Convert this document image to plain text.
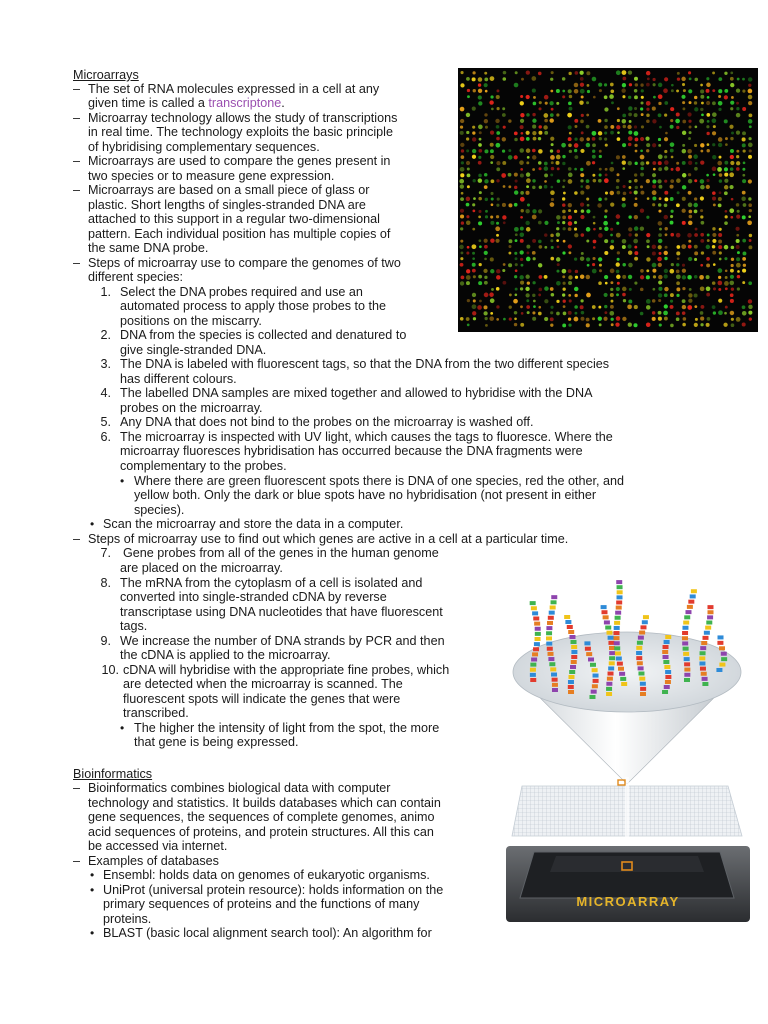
Microarrays
– The set of RNA molecules expressed in a cell at any
given time is called a transcriptone.
– Microarray technology allows the study of transcriptions
in real time. The technology exploits the basic principle
of hybridising complementary sequences.
– Microarrays are used to compare the genes present in
two species or to measure gene expression.
– Microarrays are based on a small piece of glass or
plastic. Short lengths of singles-stranded DNA are
attached to this support in a regular two-dimensional
pattern. Each individual position has multiple copies of
the same DNA probe.
– Steps of microarray use to compare the genomes of two
different species:
1. Select the DNA probes required and use an
automated process to apply those probes to the
positions on the miscarry.
2. DNA from the species is collected and denatured to
give single-stranded DNA.
3. The DNA is labeled with fluorescent tags, so that the DNA from the two different species
has different colours.
4. The labelled DNA samples are mixed together and allowed to hybridise with the DNA
probes on the microarray.
5. Any DNA that does not bind to the probes on the microarray is washed off.
6. The microarray is inspected with UV light, which causes the tags to fluoresce. Where the
microarray fluoresces hybridisation has occurred because the DNA fragments were
complementary to the probes.
• Where there are green fluorescent spots there is DNA of one species, red the other, and
yellow both. Only the dark or blue spots have no hybridisation (not present in either
species).
• Scan the microarray and store the data in a computer.
– Steps of microarray use to find out which genes are active in a cell at a particular time.
7. Gene probes from all of the genes in the human genome
are placed on the microarray.
8. The mRNA from the cytoplasm of a cell is isolated and
converted into single-stranded cDNA by reverse
transcriptase using DNA nucleotides that have fluorescent
tags.
9. We increase the number of DNA strands by PCR and then
the cDNA is applied to the microarray.
10. cDNA will hybridise with the appropriate fine probes, which
are detected when the microarray is scanned. The
fluorescent spots will indicate the genes that were
transcribed.
• The higher the intensity of light from the spot, the more
that gene is being expressed.
Bioinformatics
– Bioinformatics combines biological data with computer
technology and statistics. It builds databases which can contain
gene sequences, the sequences of complete genomes, animo
acid sequences of proteins, and protein structures. All this can
be accessed via internet.
– Examples of databases
• Ensembl: holds data on genomes of eukaryotic organisms.
• UniProt (universal protein resource): holds information on the
primary sequences of proteins and the functions of many
proteins.
• BLAST (basic local alignment search tool): An algorithm for
MICROARRAY
